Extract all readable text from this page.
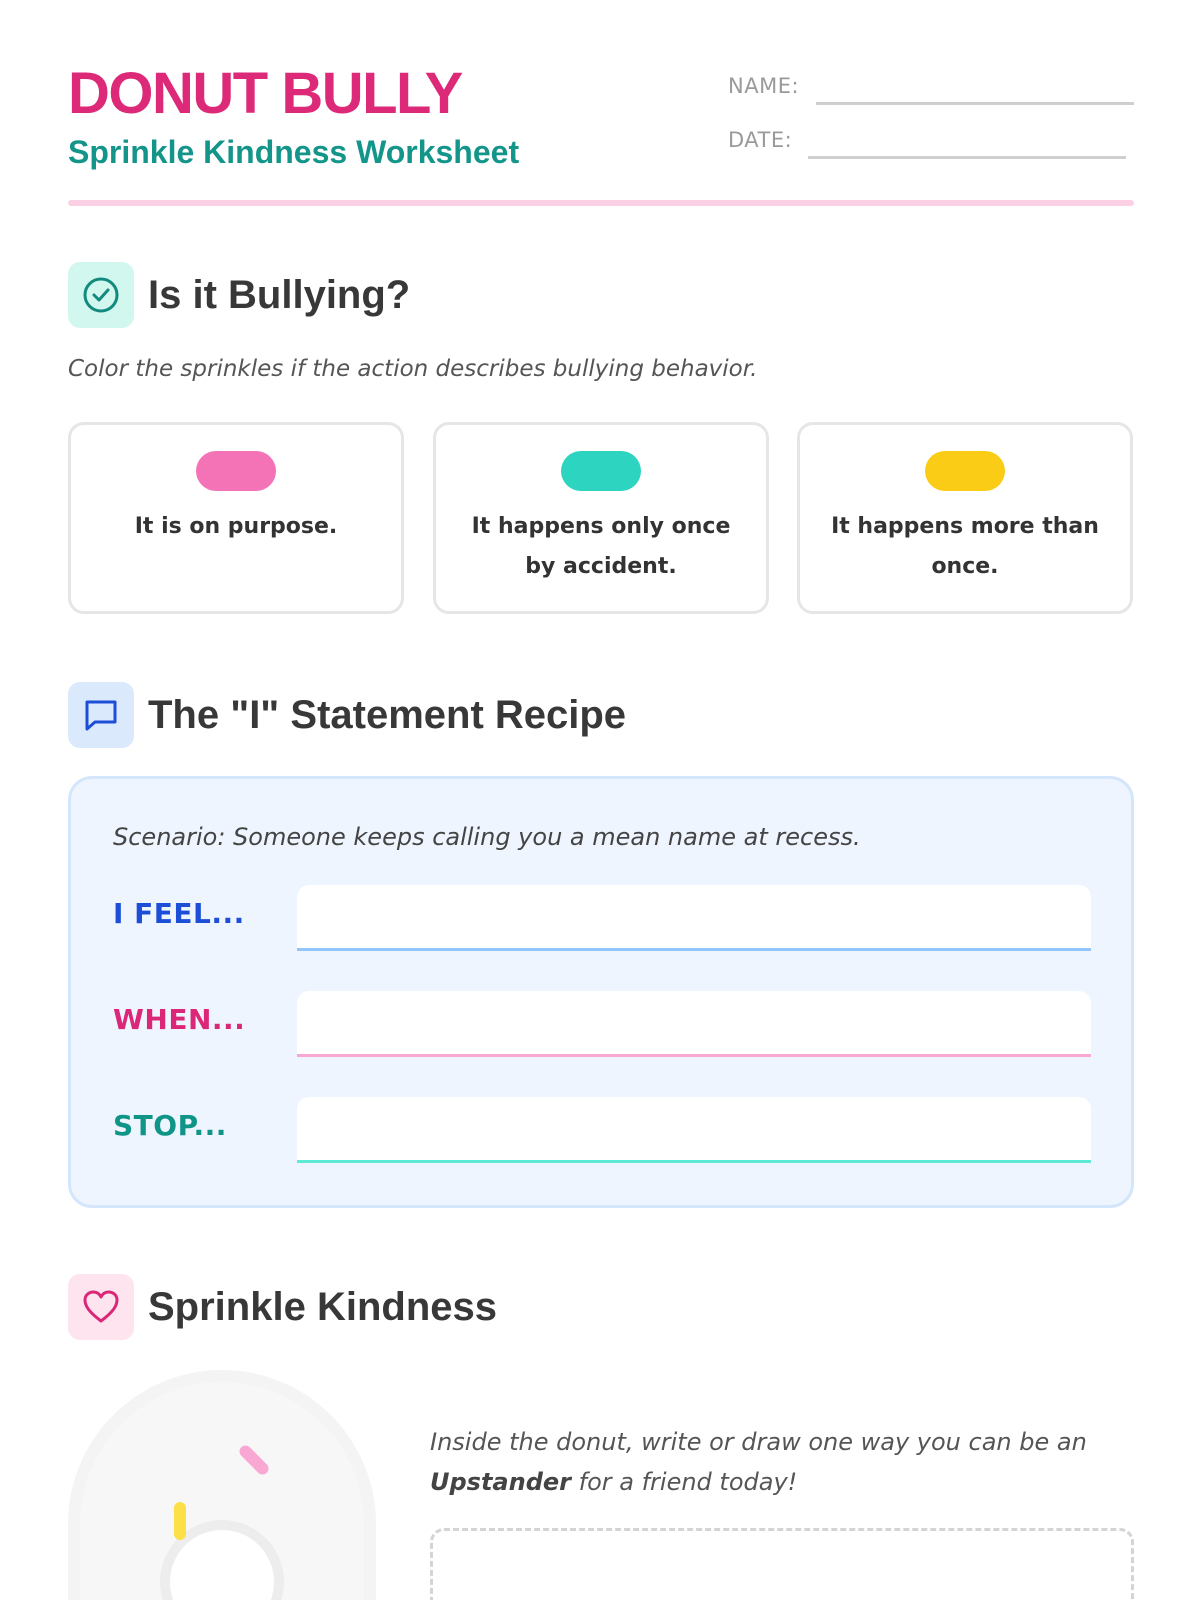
DONUT BULLY
Sprinkle Kindness Worksheet
NAME:
DATE:
Is it Bullying?
Color the sprinkles if the action describes bullying behavior.
It is on purpose.	It happens only once by accident.
It happens more than once.
The "I" Statement Recipe
Scenario: Someone keeps calling you a mean name at recess.
I FEEL...
WHEN...
STOP...
Sprinkle Kindness
Inside the donut, write or draw one way you can be an Upstander for a friend today!
